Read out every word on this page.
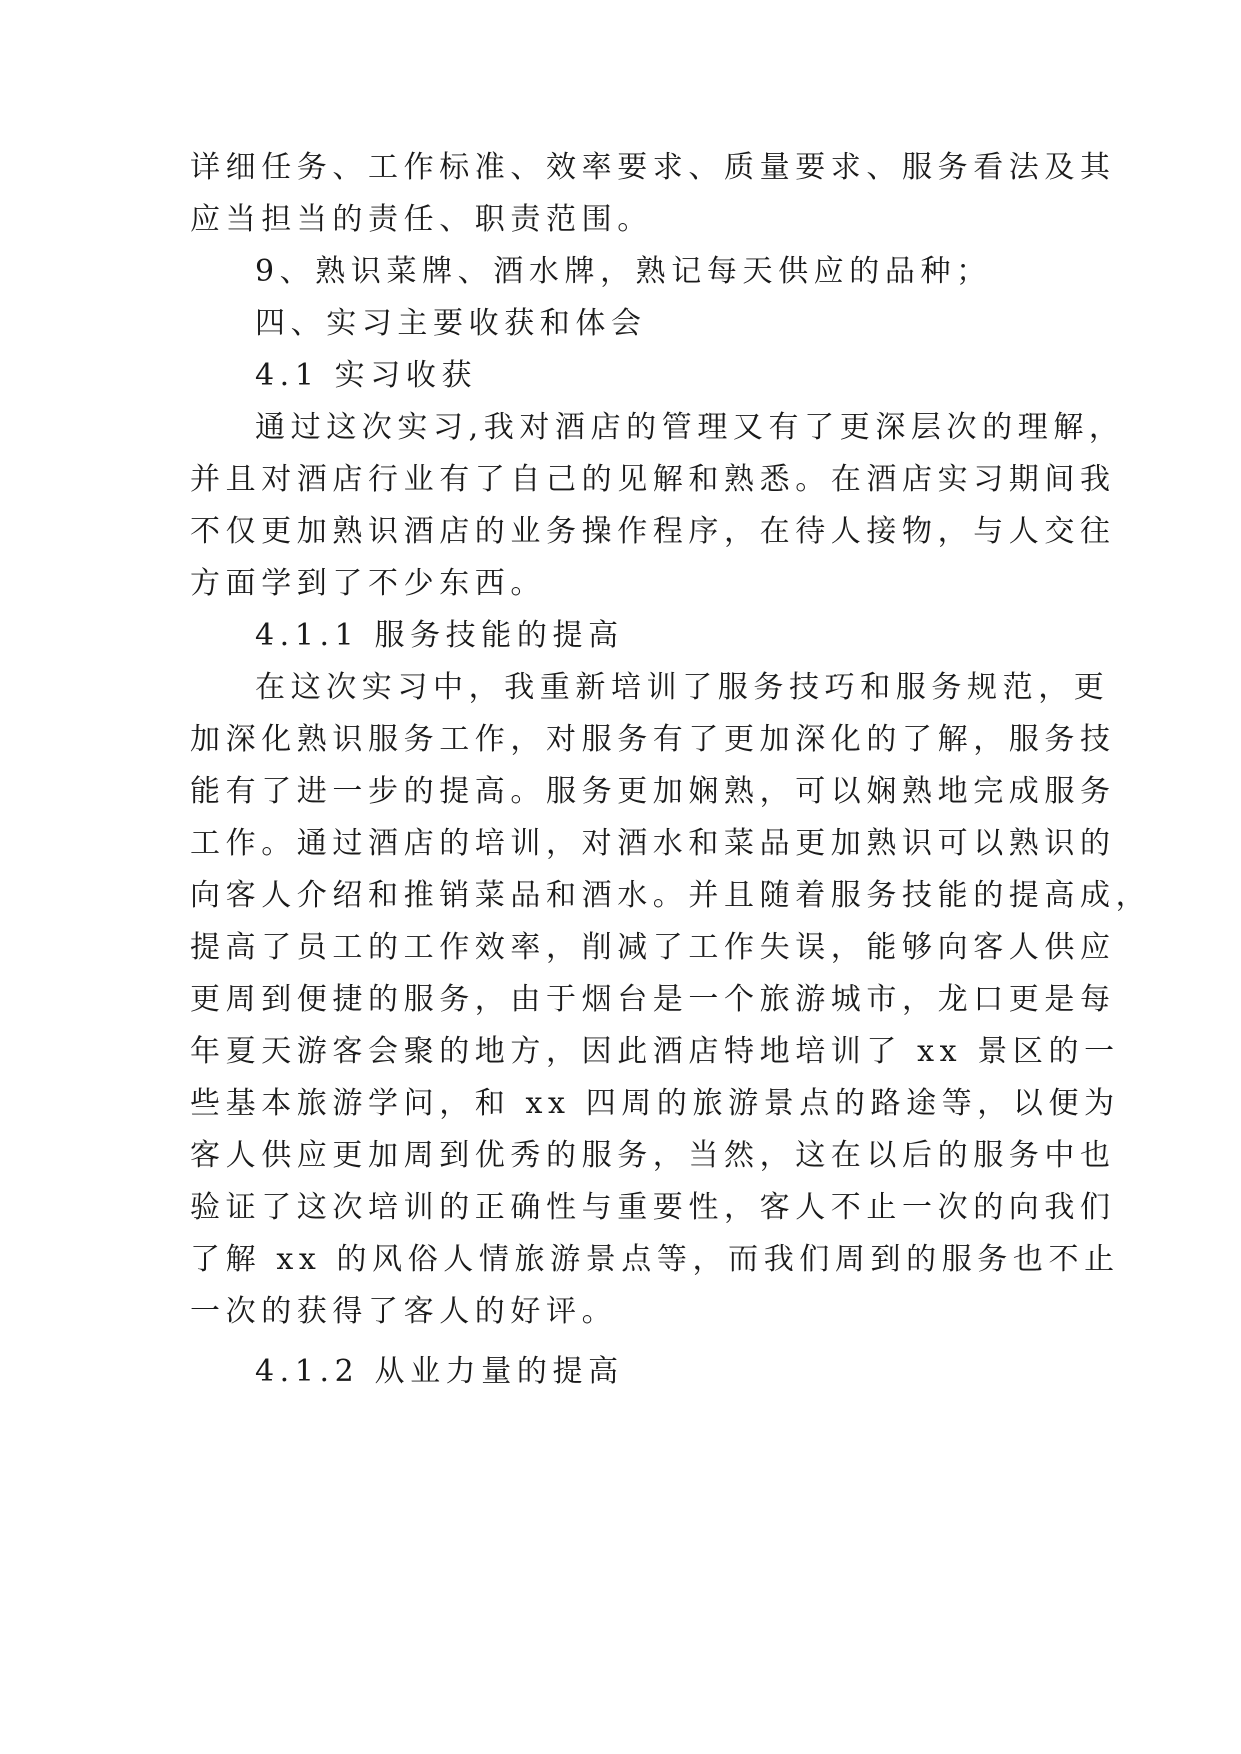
详细任务、工作标准、效率要求、质量要求、服务看法及其
应当担当的责任、职责范围。
9、熟识菜牌、酒水牌，熟记每天供应的品种；
四、实习主要收获和体会
4.1 实习收获
通过这次实习,我对酒店的管理又有了更深层次的理解，
并且对酒店行业有了自己的见解和熟悉。在酒店实习期间我
不仅更加熟识酒店的业务操作程序，在待人接物，与人交往
方面学到了不少东西。
4.1.1 服务技能的提高
在这次实习中，我重新培训了服务技巧和服务规范，更
加深化熟识服务工作，对服务有了更加深化的了解，服务技
能有了进一步的提高。服务更加娴熟，可以娴熟地完成服务
工作。通过酒店的培训，对酒水和菜品更加熟识可以熟识的
向客人介绍和推销菜品和酒水。并且随着服务技能的提高成，
提高了员工的工作效率，削减了工作失误，能够向客人供应
更周到便捷的服务，由于烟台是一个旅游城市，龙口更是每
年夏天游客会聚的地方，因此酒店特地培训了 xx 景区的一
些基本旅游学问，和 xx 四周的旅游景点的路途等，以便为
客人供应更加周到优秀的服务，当然，这在以后的服务中也
验证了这次培训的正确性与重要性，客人不止一次的向我们
了解 xx 的风俗人情旅游景点等，而我们周到的服务也不止
一次的获得了客人的好评。
4.1.2 从业力量的提高
